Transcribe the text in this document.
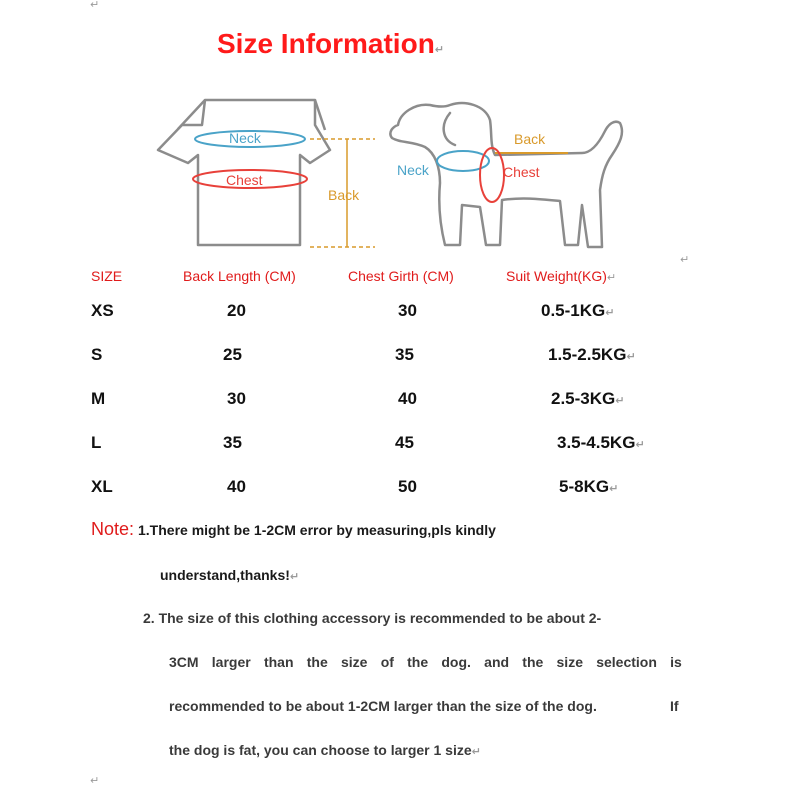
↵
↵
↵
Size Information↵
Neck
Chest
Back
Back
Neck	Chest
SIZE	Back Length (CM)	Chest Girth (CM)	Suit Weight(KG)↵
XS	20	30	0.5-1KG↵
S	25	35	1.5-2.5KG↵
M	30	40	2.5-3KG↵
L	35	45	3.5-4.5KG↵
XL	40	50	5-8KG↵
Note: 1.There might be 1-2CM error by measuring,pls kindly
understand,thanks!↵
2. The size of this clothing accessory is recommended to be about 2-
3CM larger than the size of the dog. and the size selection is
recommended to be about 1-2CM larger than the size of the dog.	If
the dog is fat, you can choose to larger 1 size↵
